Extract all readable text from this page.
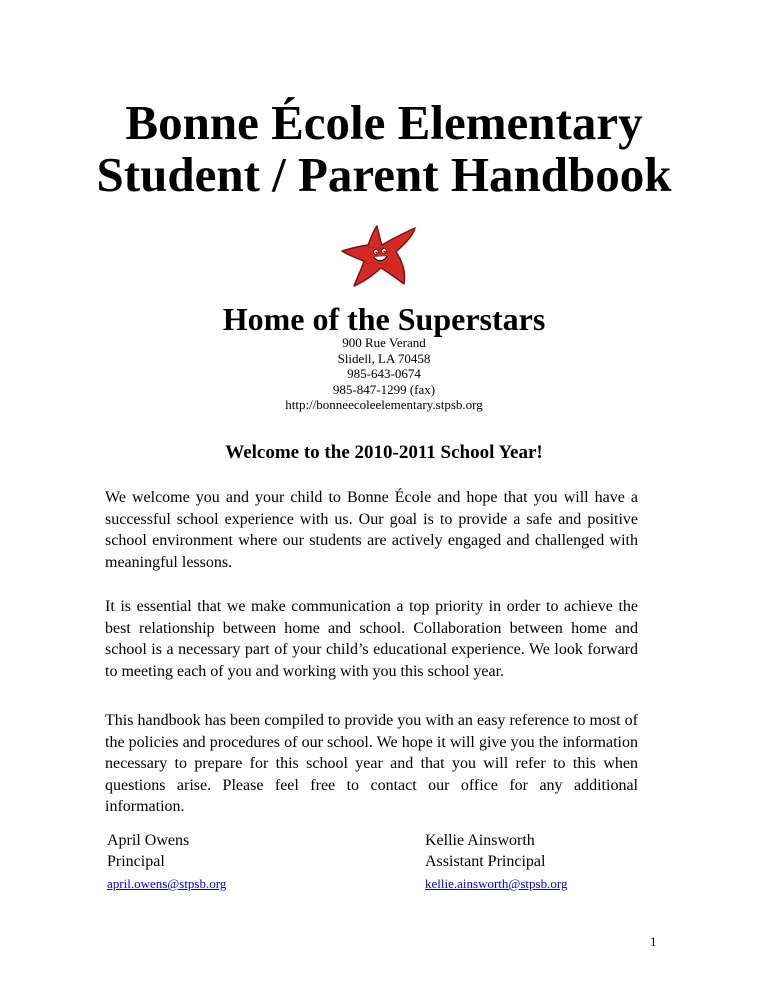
Bonne École Elementary
Student / Parent Handbook
Home of the Superstars
900 Rue Verand
Slidell, LA 70458
985-643-0674
985-847-1299 (fax)
http://bonneecoleelementary.stpsb.org
Welcome to the 2010-2011 School Year!

We welcome you and your child to Bonne École and hope that you will have a successful school experience with us. Our goal is to provide a safe and positive school environment where our students are actively engaged and challenged with meaningful lessons.

It is essential that we make communication a top priority in order to achieve the best relationship between home and school. Collaboration between home and school is a necessary part of your child’s educational experience. We look forward to meeting each of you and working with you this school year.

This handbook has been compiled to provide you with an easy reference to most of the policies and procedures of our school. We hope it will give you the information necessary to prepare for this school year and that you will refer to this when questions arise. Please feel free to contact our office for any additional information.

April Owens
Principal
april.owens@stpsb.org
Kellie Ainsworth
Assistant Principal
kellie.ainsworth@stpsb.org
1
